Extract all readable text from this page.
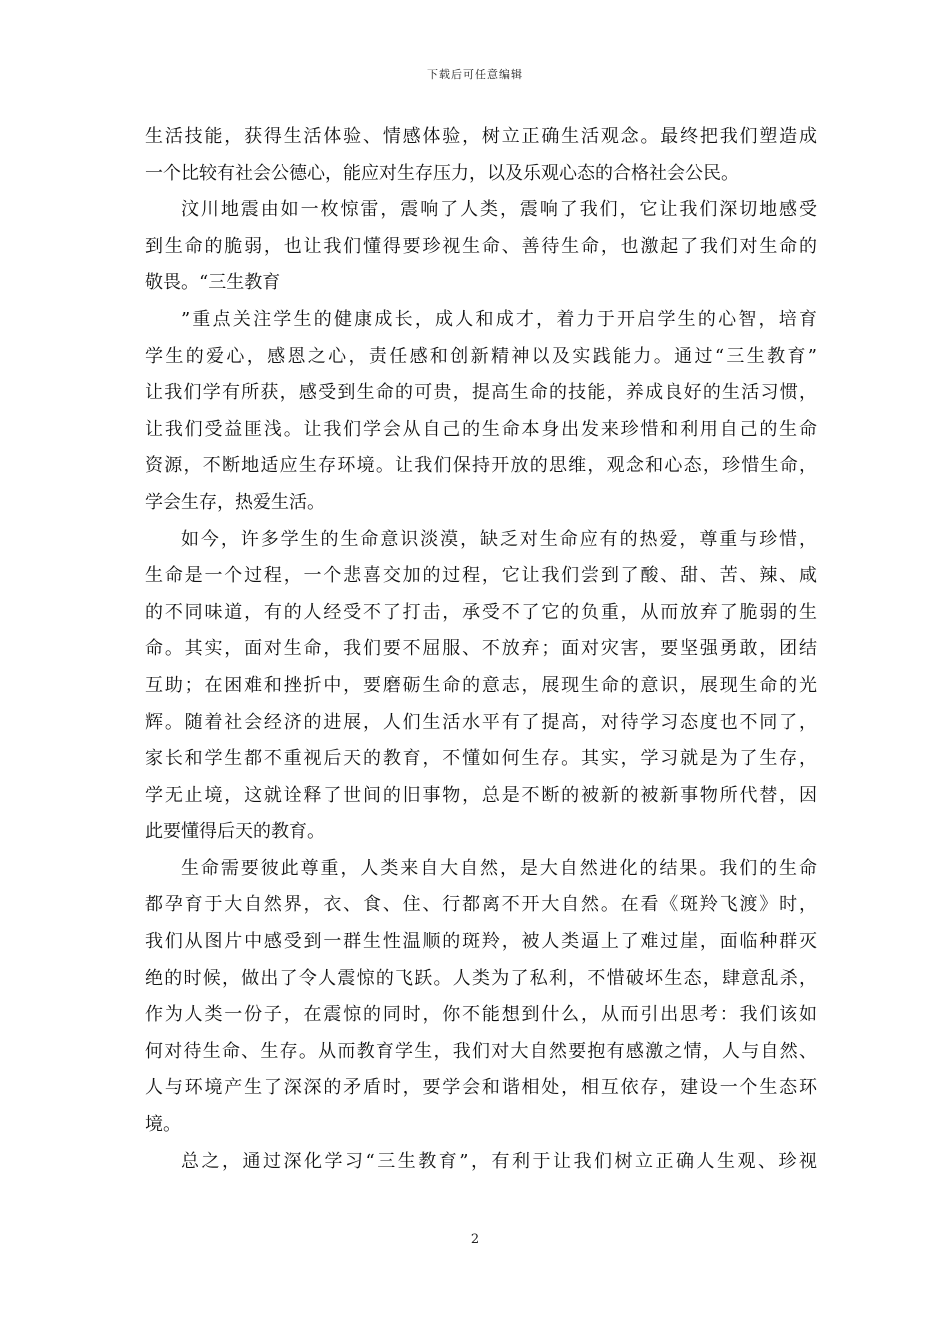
下载后可任意编辑
生活技能，获得生活体验、情感体验，树立正确生活观念。最终把我们塑造成
一个比较有社会公德心，能应对生存压力，以及乐观心态的合格社会公民。
汶川地震由如一枚惊雷，震响了人类，震响了我们，它让我们深切地感受
到生命的脆弱，也让我们懂得要珍视生命、善待生命，也激起了我们对生命的
敬畏。“三生教育
”重点关注学生的健康成长，成人和成才，着力于开启学生的心智，培育
学生的爱心，感恩之心，责任感和创新精神以及实践能力。通过“三生教育”
让我们学有所获，感受到生命的可贵，提高生命的技能，养成良好的生活习惯，
让我们受益匪浅。让我们学会从自己的生命本身出发来珍惜和利用自己的生命
资源，不断地适应生存环境。让我们保持开放的思维，观念和心态，珍惜生命，
学会生存，热爱生活。
如今，许多学生的生命意识淡漠，缺乏对生命应有的热爱，尊重与珍惜，
生命是一个过程，一个悲喜交加的过程，它让我们尝到了酸、甜、苦、辣、咸
的不同味道，有的人经受不了打击，承受不了它的负重，从而放弃了脆弱的生
命。其实，面对生命，我们要不屈服、不放弃；面对灾害，要坚强勇敢，团结
互助；在困难和挫折中，要磨砺生命的意志，展现生命的意识，展现生命的光
辉。随着社会经济的进展，人们生活水平有了提高，对待学习态度也不同了，
家长和学生都不重视后天的教育，不懂如何生存。其实，学习就是为了生存，
学无止境，这就诠释了世间的旧事物，总是不断的被新的被新事物所代替，因
此要懂得后天的教育。
生命需要彼此尊重，人类来自大自然，是大自然进化的结果。我们的生命
都孕育于大自然界，衣、食、住、行都离不开大自然。在看《斑羚飞渡》时，
我们从图片中感受到一群生性温顺的斑羚，被人类逼上了难过崖，面临种群灭
绝的时候，做出了令人震惊的飞跃。人类为了私利，不惜破坏生态，肆意乱杀，
作为人类一份子，在震惊的同时，你不能想到什么，从而引出思考：我们该如
何对待生命、生存。从而教育学生，我们对大自然要抱有感激之情，人与自然、
人与环境产生了深深的矛盾时，要学会和谐相处，相互依存，建设一个生态环
境。
总之，通过深化学习“三生教育”，有利于让我们树立正确人生观、珍视
2
